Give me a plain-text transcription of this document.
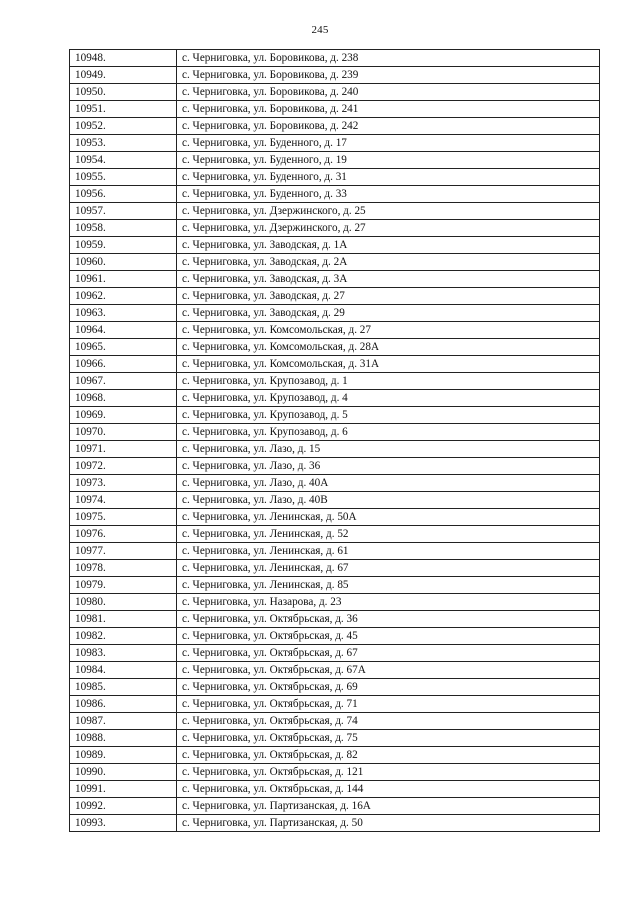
245
10948.	с. Черниговка, ул. Боровикова, д. 238
10949.	с. Черниговка, ул. Боровикова, д. 239
10950.	с. Черниговка, ул. Боровикова, д. 240
10951.	с. Черниговка, ул. Боровикова, д. 241
10952.	с. Черниговка, ул. Боровикова, д. 242
10953.	с. Черниговка, ул. Буденного, д. 17
10954.	с. Черниговка, ул. Буденного, д. 19
10955.	с. Черниговка, ул. Буденного, д. 31
10956.	с. Черниговка, ул. Буденного, д. 33
10957.	с. Черниговка, ул. Дзержинского, д. 25
10958.	с. Черниговка, ул. Дзержинского, д. 27
10959.	с. Черниговка, ул. Заводская, д. 1А
10960.	с. Черниговка, ул. Заводская, д. 2А
10961.	с. Черниговка, ул. Заводская, д. 3А
10962.	с. Черниговка, ул. Заводская, д. 27
10963.	с. Черниговка, ул. Заводская, д. 29
10964.	с. Черниговка, ул. Комсомольская, д. 27
10965.	с. Черниговка, ул. Комсомольская, д. 28А
10966.	с. Черниговка, ул. Комсомольская, д. 31А
10967.	с. Черниговка, ул. Крупозавод, д. 1
10968.	с. Черниговка, ул. Крупозавод, д. 4
10969.	с. Черниговка, ул. Крупозавод, д. 5
10970.	с. Черниговка, ул. Крупозавод, д. 6
10971.	с. Черниговка, ул. Лазо, д. 15
10972.	с. Черниговка, ул. Лазо, д. 36
10973.	с. Черниговка, ул. Лазо, д. 40А
10974.	с. Черниговка, ул. Лазо, д. 40В
10975.	с. Черниговка, ул. Ленинская, д. 50А
10976.	с. Черниговка, ул. Ленинская, д. 52
10977.	с. Черниговка, ул. Ленинская, д. 61
10978.	с. Черниговка, ул. Ленинская, д. 67
10979.	с. Черниговка, ул. Ленинская, д. 85
10980.	с. Черниговка, ул. Назарова, д. 23
10981.	с. Черниговка, ул. Октябрьская, д. 36
10982.	с. Черниговка, ул. Октябрьская, д. 45
10983.	с. Черниговка, ул. Октябрьская, д. 67
10984.	с. Черниговка, ул. Октябрьская, д. 67А
10985.	с. Черниговка, ул. Октябрьская, д. 69
10986.	с. Черниговка, ул. Октябрьская, д. 71
10987.	с. Черниговка, ул. Октябрьская, д. 74
10988.	с. Черниговка, ул. Октябрьская, д. 75
10989.	с. Черниговка, ул. Октябрьская, д. 82
10990.	с. Черниговка, ул. Октябрьская, д. 121
10991.	с. Черниговка, ул. Октябрьская, д. 144
10992.	с. Черниговка, ул. Партизанская, д. 16А
10993.	с. Черниговка, ул. Партизанская, д. 50
